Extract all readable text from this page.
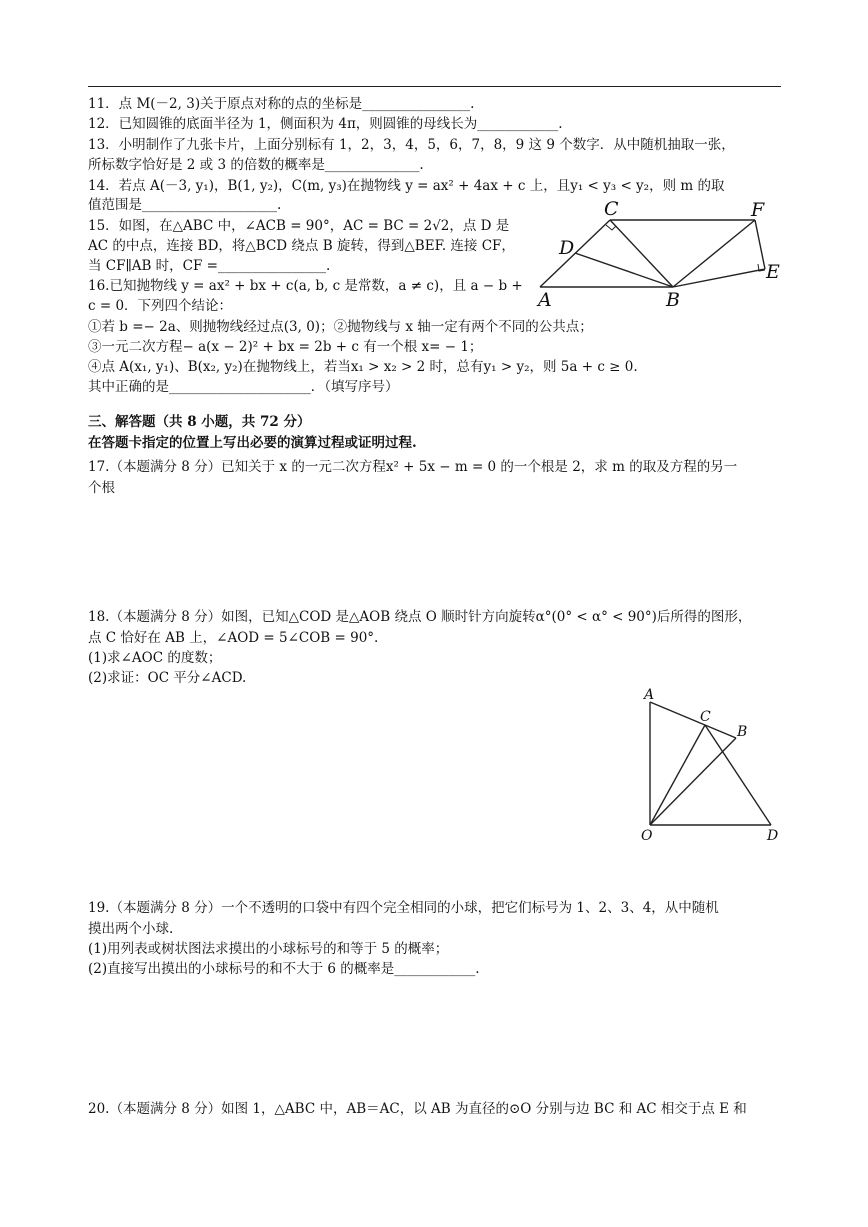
11．点 M(－2, 3)关于原点对称的点的坐标是________________.
12．已知圆锥的底面半径为 1，侧面积为 4π，则圆锥的母线长为____________.
13．小明制作了九张卡片，上面分别标有 1，2，3，4，5，6，7，8，9 这 9 个数字．从中随机抽取一张，
所标数字恰好是 2 或 3 的倍数的概率是______________.
14．若点 A(－3, y₁)，B(1, y₂)，C(m, y₃)在抛物线 y = ax² + 4ax + c 上，且y₁ < y₃ < y₂，则 m 的取
值范围是____________________.
15．如图，在△ABC 中，∠ACB = 90°，AC = BC = 2√2，点 D 是
AC 的中点，连接 BD，将△BCD 绕点 B 旋转，得到△BEF. 连接 CF，
当 CF∥AB 时，CF =________________.
16.已知抛物线 y = ax² + bx + c(a, b, c 是常数，a ≠ c)，且 a − b +
c = 0．下列四个结论：
①若 b =− 2a、则抛物线经过点(3, 0)；②抛物线与 x 轴一定有两个不同的公共点；
③一元二次方程− a(x − 2)² + bx = 2b + c 有一个根 x= − 1；
④点 A(x₁, y₁)、B(x₂, y₂)在抛物线上，若当x₁ > x₂ > 2 时，总有y₁ > y₂，则 5a + c ≥ 0.
其中正确的是_____________________．（填写序号）
三、解答题（共 8 小题，共 72 分）
在答题卡指定的位置上写出必要的演算过程或证明过程.
17.（本题满分 8 分）已知关于 x 的一元二次方程x² + 5x − m = 0 的一个根是 2，求 m 的取及方程的另一
个根
18.（本题满分 8 分）如图，已知△COD 是△AOB 绕点 O 顺时针方向旋转α°(0° < α° < 90°)后所得的图形，
点 C 恰好在 AB 上，∠AOD = 5∠COB = 90°.
(1)求∠AOC 的度数；
(2)求证：OC 平分∠ACD.
19.（本题满分 8 分）一个不透明的口袋中有四个完全相同的小球，把它们标号为 1、2、3、4，从中随机
摸出两个小球.
(1)用列表或树状图法求摸出的小球标号的和等于 5 的概率；
(2)直接写出摸出的小球标号的和不大于 6 的概率是____________.
20.（本题满分 8 分）如图 1，△ABC 中，AB＝AC，以 AB 为直径的⊙O 分别与边 BC 和 AC 相交于点 E 和
C	F
D
E
A	B
A
C
B
O	D
